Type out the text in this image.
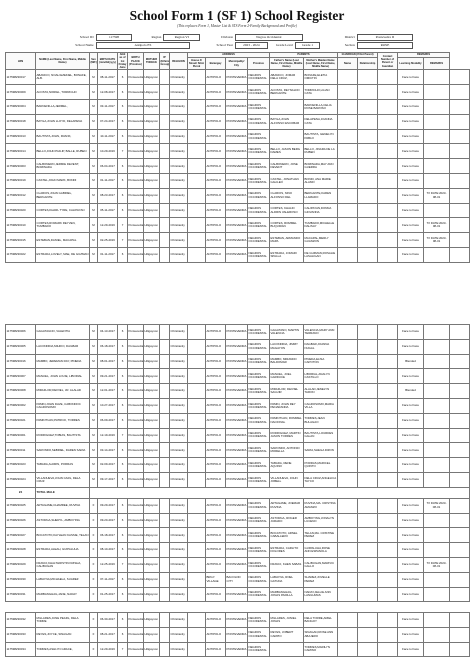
School Form 1 (SF 1) School Register
(This replaces Form 1, Master List & STS Form 2-Family Background and Profile)
School ID	117598	Region	Region VI	Division	Negros Occidental	District	Pontevedra II
School Name	Antipolo ES	School Year	2023 - 2024	Grade Level	Grade 1	Section	ROSE
LRN	NAME (Last Name, First Name, Middle Name)	Sex (M/F)	BIRTH DATE (mm/dd/yyyy)	AGE as of 1st Friday June	BIRTH PLACE (Province)	MOTHER TONGUE	IP (Ethnic Group)	RELIGION	ADDRESS				PARENTS		GUARDIAN (If Not Parent)		Contact Number of Parent or Guardian	REMARKS		
									House #/ Street/ Sitio/ Purok	Barangay	Municipality/ City	Province	Father's Name (Last Name, First Name, Middle Name)	Mother's Maiden Name (Last Name, First Name, Middle Name)	Name	Relationship		Learning Modality	REMARKS	
117598230017	ABANICO, NOAH EZEKIEL, BONAFE, ALB.	M	08-11-2017	6	Pontevedra	Hiligaynon		Christianity		ANTIPOLO	PONTEVEDRA	NEGROS OCCIDENTAL	ABANICO, JOMAR DELA CRUZ,	BONAFE,ELETIA OMICTIN				Face to Face		
117598230009	ACOSTA,NORIEL, TORRICHO	M	12-08-2017	6	Pontevedra	Hiligaynon		Christianity		ANTIPOLO	PONTEVEDRA	NEGROS OCCIDENTAL	ACOSTA, REYNALDO BERGANTE	TORRICHO,LILIAN CATA				Face to Face		
117598230004	BARCENILLA,JERMEL,	M	03-11-2017	6	Pontevedra	Hiligaynon		Christianity		ANTIPOLO	PONTEVEDRA	NEGROS OCCIDENTAL		BARCENILLA,CELIA ROSE BAROSO				Face to Face		
117598230018	BATILA,JOHN LLOYD, DELAPENA	M	07-24-2017	6	Pontevedra	Hiligaynon		Christianity		ANTIPOLO	PONTEVEDRA	NEGROS OCCIDENTAL	BATILA,JOHN ALFONSO ESCOBAR	DELAPENA,JOANNA CATA				Face to Face		
117598230013	BAUTISTA,JOHN, FRANK,	M	10-11-2017	6	Pontevedra	Hiligaynon		Christianity		ANTIPOLO	PONTEVEDRA	NEGROS OCCIDENTAL		BAUTISTA, GENELYN PABLO				Face to Face		
117598230014	BELLO,JOHN PHILIP, BALLE, RUBEN	M	10-29-2016	7	Pontevedra	Hiligaynon		Christianity		ANTIPOLO	PONTEVEDRA	NEGROS OCCIDENTAL	BELLO, JASON BERG DAMES	BELLO, JINARA DE LA RUBEN				Face to Face		
117598230003	CALBONERO,JERMIE DEVENT, BOMINADA	M	06-04-2017	6	Pontevedra	Hiligaynon		Christianity		ANTIPOLO	PONTEVEDRA	NEGROS OCCIDENTAL	CALBONERO, JOSE DEVENT	BOMINADA,MAY ANN GUERRA				Face to Face		
117598230019	CASTEL,JOHN MARK, BONDI	M	01-11-2017	6	Pontevedra	Hiligaynon		Christianity		ANTIPOLO	PONTEVEDRA	NEGROS OCCIDENTAL	CASTEL, JONATHAN GALILEO	BONDI, ANA MARIE ALAMO				Face to Face		
117598230012	CLARIOS,JOHN GABRIEL, BERGANTE	M	08-23-2017	6	Pontevedra	Hiligaynon		Christianity		ANTIPOLO	PONTEVEDRA	NEGROS OCCIDENTAL	CLARIOS, NINO ALFONSO DEL	BERGANTE,KAREN LLAMADO				Face to Face	T/I DATE:2023-08-31	
117598230020	CORTES,KHARL TYRE, CALIPAYAN	M	05-11-2017	6	Pontevedra	Hiligaynon		Christianity		ANTIPOLO	PONTEVEDRA	NEGROS OCCIDENTAL	CORTES, KHALID ALDRIN VALEROSO	CALIPAYAN,DONNA GIOVANNA				Face to Face		
117598230010	CORTES,ROMARK REYVEN, TUMBADO	M	12-29-2016	7	Pontevedra	Hiligaynon		Christianity		ANTIPOLO	PONTEVEDRA	NEGROS OCCIDENTAL	CORTES, ROMMEL BUQUIRAN	TUMBADO,MICHELLE DALISAY				Face to Face	T/I DATE:2023-08-31	
117598230015	ESTEBAN,DANIEL, MACAPAL	M	02-25-2016	7	Pontevedra	Hiligaynon		Christianity		ANTIPOLO	PONTEVEDRA	NEGROS OCCIDENTAL	ESTEBAN, ARMANDO MAPA	MACAPAL,MERLY GUANZON				Face to Face	T/I DATE:2023-08-31	
117598230022	ESTRADA,LOVELY, MAE, DE GUZMAN	M	01-11-2017	6	Pontevedra	Hiligaynon		Christianity		ANTIPOLO	PONTEVEDRA	NEGROS OCCIDENTAL	ESTRADA, JOMARI SPALLA	DE GUZMAN,ROSALIE LASALIGAN				Face to Face		
117598230006	GAGATAGNO, VALENTIA	M	04-13-2017	6	Pontevedra	Hiligaynon		Christianity		ANTIPOLO	PONTEVEDRA	NEGROS OCCIDENTAL	GAGATANO, MARTIN VALENCIA	VALENCIA,MARY ANN TERRANO				Face to Face		
117598230005	LACONDIDA,MIHIKO, DAGBAR	M	06-18-2017	6	Pontevedra	Hiligaynon		Christianity		ANTIPOLO	PONTEVEDRA	NEGROS OCCIDENTAL	LACONDIDA, JIMMY MAGAYON	DAGBAR,JOANNA NUGAL				Face to Face		
117598230016	MAMBO, JEREMAN RAY, PINEDA	M	08-01-2017	6	Pontevedra	Hiligaynon		Christianity		ANTIPOLO	PONTEVEDRA	NEGROS OCCIDENTAL	MAMBO, MIRANDO BALDOMAR	PINEDA,ELISA CAPOTON				Blended		
117598230007	MANUEL, JOHN LOUIE, LIBORIAL	M	09-21-2017	6	Pontevedra	Hiligaynon		Christianity		ANTIPOLO	PONTEVEDRA	NEGROS OCCIDENTAL	MANUEL, JOEL GARDUCE	LIBORIAL,ANALYN CASTILLO				Face to Face		
117598230008	MIRAFLOR,DEIVIEL, JR. ALALAD	M	12-01-2017	6	Pontevedra	Hiligaynon		Christianity		ANTIPOLO	PONTEVEDRA	NEGROS OCCIDENTAL	MIRAFLOR, DEIVIEL SAGUIR	ALALAD,JENELYN TARON				Blended		
117598230002	PAMIN,JOHN DAVE, CABONDOC CAGROSOMO	M	10-27-2017	6	Pontevedra	Hiligaynon		Christianity		ANTIPOLO	PONTEVEDRA	NEGROS OCCIDENTAL	PAMIN, JOHN REY PENARANDA	CAGROSOMO,MARIA VILLA				Face to Face		
117598230021	PAMINTUAN,PATRICK, TORRES	M	06-09-2017	6	Pontevedra	Hiligaynon		Christianity		ANTIPOLO	PONTEVEDRA	NEGROS OCCIDENTAL	PAMINTUAN, ROMMEL NACIONAL	TORRES,JEAN BULAGAO				Face to Face		
117598230001	RODRIGUEZ,TOBIAS, BAUTISTA	M	12-19-2016	7	Pontevedra	Hiligaynon		Christianity		ANTIPOLO	PONTEVEDRA	NEGROS OCCIDENTAL	RODRIGUEZ, MARTIN JASON TORRES	BAUTISTA,LOURDES GALAN				Face to Face		
117598230011	SARONDO,SEBRIEL, DAREN SARIA	M	03-14-2017	6	Pontevedra	Hiligaynon		Christianity		ANTIPOLO	PONTEVEDRA	NEGROS OCCIDENTAL	SARONDO, ANTONIO MORELLA	SARIA,SHEILA DIZON				Face to Face		
117598230023	TABADA,ALDRIN, PORRAS	M	02-09-2017	6	Pontevedra	Hiligaynon		Christianity		ANTIPOLO	PONTEVEDRA	NEGROS OCCIDENTAL	TABADA, RENE AQUINO	PORRAS,MARICEL QUINTO				Face to Face		
117598230024	VILLANUEVA,JOHN CARL, DELA CRUZ	M	09-17-2017	6	Pontevedra	Hiligaynon		Christianity		ANTIPOLO	PONTEVEDRA	NEGROS OCCIDENTAL	VILLANUEVA, JOHN JOBELL	DELA CRUZ,ANGELICA TAYCO				Face to Face		
24	TOTAL MALE																			
117598230025	ARTAGAME,CHAMREE, RUVINA	F	09-29-2017	6	Pontevedra	Hiligaynon		Christianity		ANTIPOLO	PONTEVEDRA	NEGROS OCCIDENTAL	ARTAGAME, JOEMAR RUVINA	RUVINA,MA. CRISTINA AMANZO				Face to Face	T/I DATE:2023-08-31	
117598230026	ASTORGA,SHERYL, AMBOYING	F	09-20-2017	6	Pontevedra	Hiligaynon		Christianity		ANTIPOLO	PONTEVEDRA	NEGROS OCCIDENTAL	ASTORGA, ROGER JURADO	AMBOYING,JONALYN LUCENO				Face to Face		
117598230027	BOCATOTO,KAYLEAN KASSIE, TELAN	F	06-18-2017	6	Pontevedra	Hiligaynon		Christianity		ANTIPOLO	PONTEVEDRA	NEGROS OCCIDENTAL	BOCATOTO, ARNEL CABALLERO	TELAN,MA. CRISTINE PEREZ				Face to Face		
117598230028	ESTRADA,ALEAH, GUIPALUHA	F	08-10-2017	6	Pontevedra	Hiligaynon		Christianity		ANTIPOLO	PONTEVEDRA	NEGROS OCCIDENTAL	ESTRADA, CARLITO DOLORES	GUIPALUHA,ROSE ANN ESPANOLA				Face to Face		
117598230029	FRANCI,KHALTHRISTIN KRISHA, CALIBUGAN	F	12-25-2016	7	Pontevedra	Hiligaynon		Christianity		ANTIPOLO	PONTEVEDRA	NEGROS OCCIDENTAL	FRANCI, KHEN SABAS	CALIBUGAN,MARIVIC GALLO				Face to Face	T/I DATE:2023-08-31	
117598230030	LABAYNA,MICHAELA, SUAREZ	F	07-11-2017	6	Pontevedra	Hiligaynon		Christianity		BRGY. VILLAGE	BACOLOD CITY	NEGROS OCCIDENTAL	LABAYNA, ROEL GATUDA	SUAREZ,JOVELLE PEREZ				Face to Face		
117598230031	MARBANGHAG,JANE, NADAY	F	01-25-2017	6	Pontevedra	Hiligaynon		Christianity		ANTIPOLO	PONTEVEDRA	NEGROS OCCIDENTAL	MARBANGHAG, JONAS PADILLA	NADAY,JELLIE ANN LANGUMAS				Face to Face		
117598230032	MILLARES,JUNE PEARL, DELA TORRE	F	06-30-2017	6	Pontevedra	Hiligaynon		Christianity		ANTIPOLO	PONTEVEDRA	NEGROS OCCIDENTAL	MILLARES, JUNIEL JONAS	DELA TORRE,ARIEL BANGOY				Face to Face		
117598230033	REYES,JOYCE, SINAGAN	F	08-21-2017	6	Pontevedra	Hiligaynon		Christianity		ANTIPOLO	PONTEVEDRA	NEGROS OCCIDENTAL	REYES, JOBERT CARPIO	SINAGAN,ROSE ANN ABAJERO				Face to Face		
117598230034	TORRES,ASHLYN GRACE,	F	12-29-2016	7	Pontevedra	Hiligaynon		Christianity		ANTIPOLO	PONTEVEDRA	NEGROS OCCIDENTAL		TORRES,MARILYN CAMINO				Face to Face		
